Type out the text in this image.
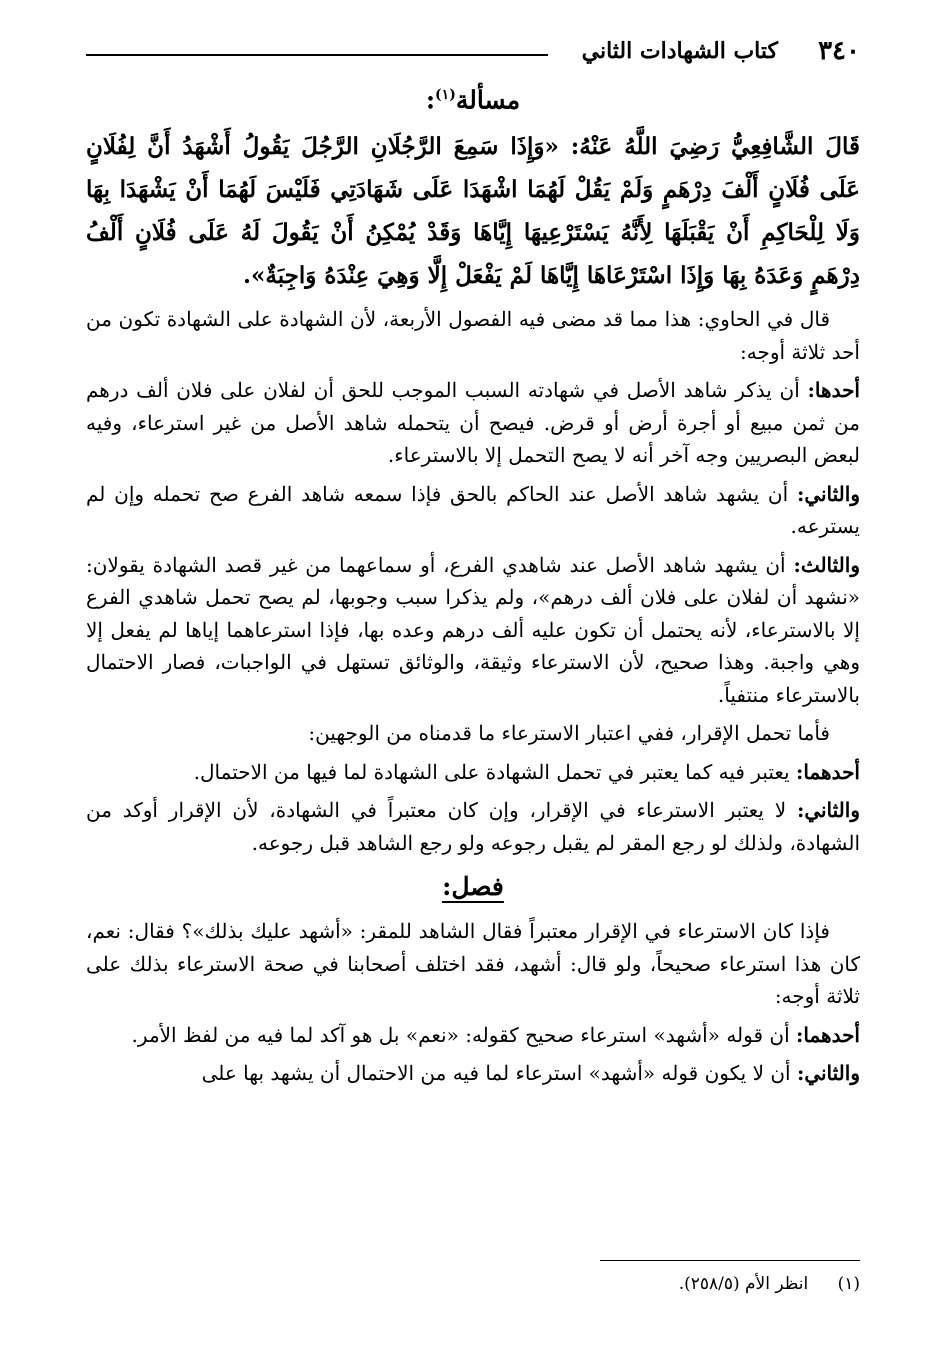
٣٤٠
كتاب الشهادات الثاني
مسألة$^{(١)}$:
قَالَ الشَّافِعِيُّ رَضِيَ اللَّهُ عَنْهُ: «وَإِذَا سَمِعَ الرَّجُلَانِ الرَّجُلَ يَقُولُ أَشْهَدُ أَنَّ لِفُلَانٍ عَلَى فُلَانٍ أَلْفَ دِرْهَمٍ وَلَمْ يَقُلْ لَهُمَا اشْهَدَا عَلَى شَهَادَتِي فَلَيْسَ لَهُمَا أَنْ يَشْهَدَا بِهَا وَلَا لِلْحَاكِمِ أَنْ يَقْبَلَهَا لِأَنَّهُ يَسْتَرْعِيهَا إِيَّاهَا وَقَدْ يُمْكِنُ أَنْ يَقُولَ لَهُ عَلَى فُلَانٍ أَلْفُ دِرْهَمٍ وَعَدَهُ بِهَا وَإِذَا اسْتَرْعَاهَا إِيَّاهَا لَمْ يَفْعَلْ إِلَّا وَهِيَ عِنْدَهُ وَاجِبَةٌ».

قال في الحاوي: هذا مما قد مضى فيه الفصول الأربعة، لأن الشهادة على الشهادة تكون من أحد ثلاثة أوجه:

أحدها: أن يذكر شاهد الأصل في شهادته السبب الموجب للحق أن لفلان على فلان ألف درهم من ثمن مبيع أو أجرة أرض أو قرض. فيصح أن يتحمله شاهد الأصل من غير استرعاء، وفيه لبعض البصريين وجه آخر أنه لا يصح التحمل إلا بالاسترعاء.

والثاني: أن يشهد شاهد الأصل عند الحاكم بالحق فإذا سمعه شاهد الفرع صح تحمله وإن لم يسترعه.

والثالث: أن يشهد شاهد الأصل عند شاهدي الفرع، أو سماعهما من غير قصد الشهادة يقولان: «نشهد أن لفلان على فلان ألف درهم»، ولم يذكرا سبب وجوبها، لم يصح تحمل شاهدي الفرع إلا بالاسترعاء، لأنه يحتمل أن تكون عليه ألف درهم وعده بها، فإذا استرعاهما إياها لم يفعل إلا وهي واجبة. وهذا صحيح، لأن الاسترعاء وثيقة، والوثائق تستهل في الواجبات، فصار الاحتمال بالاسترعاء منتفياً.

فأما تحمل الإقرار، ففي اعتبار الاسترعاء ما قدمناه من الوجهين:

أحدهما: يعتبر فيه كما يعتبر في تحمل الشهادة على الشهادة لما فيها من الاحتمال.

والثاني: لا يعتبر الاسترعاء في الإقرار، وإن كان معتبراً في الشهادة، لأن الإقرار أوكد من الشهادة، ولذلك لو رجع المقر لم يقبل رجوعه ولو رجع الشاهد قبل رجوعه.

فصل:

فإذا كان الاسترعاء في الإقرار معتبراً فقال الشاهد للمقر: «أشهد عليك بذلك»؟ فقال: نعم، كان هذا استرعاء صحيحاً، ولو قال: أشهد، فقد اختلف أصحابنا في صحة الاسترعاء بذلك على ثلاثة أوجه:

أحدهما: أن قوله «أشهد» استرعاء صحيح كقوله: «نعم» بل هو آكد لما فيه من لفظ الأمر.

والثاني: أن لا يكون قوله «أشهد» استرعاء لما فيه من الاحتمال أن يشهد بها على

(١) انظر الأم (٢٥٨/٥).
